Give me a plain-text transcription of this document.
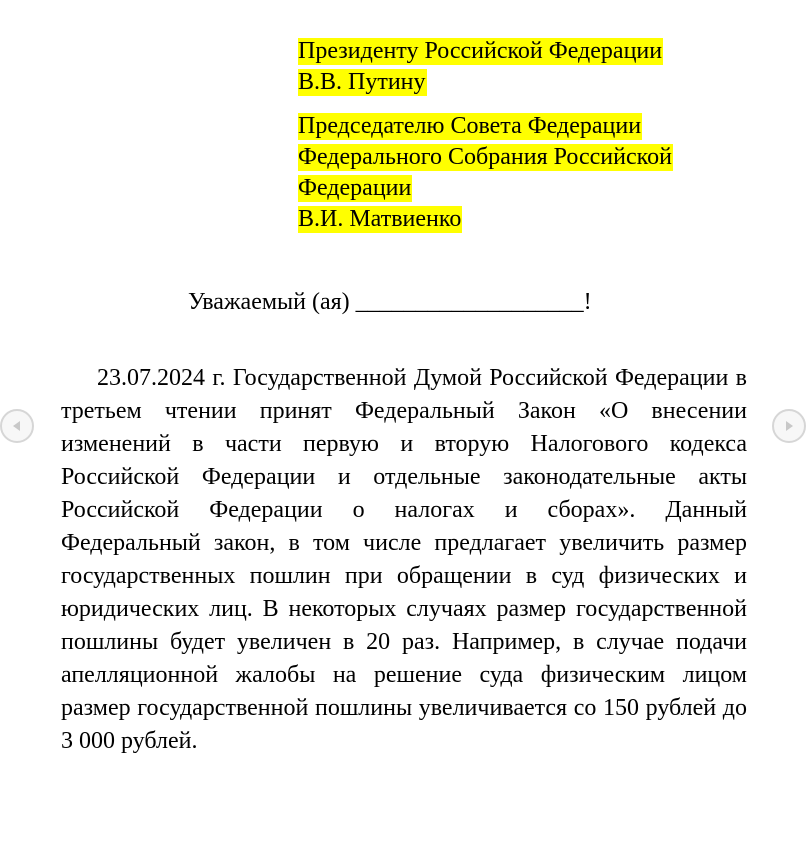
Президенту Российской Федерации
В.В. Путину
Председателю Совета Федерации
Федерального Собрания Российской
Федерации
В.И. Матвиенко
Уважаемый (ая) ___________________!

23.07.2024 г. Государственной Думой Российской Федерации в третьем чтении принят Федеральный Закон «О внесении изменений в части первую и вторую Налогового кодекса Российской Федерации и отдельные законодательные акты Российской Федерации о налогах и сборах». Данный Федеральный закон, в том числе предлагает увеличить размер государственных пошлин при обращении в суд физических и юридических лиц. В некоторых случаях размер государственной пошлины будет увеличен в 20 раз. Например, в случае подачи апелляционной жалобы на решение суда физическим лицом размер государственной пошлины увеличивается со 150 рублей до 3 000 рублей.
